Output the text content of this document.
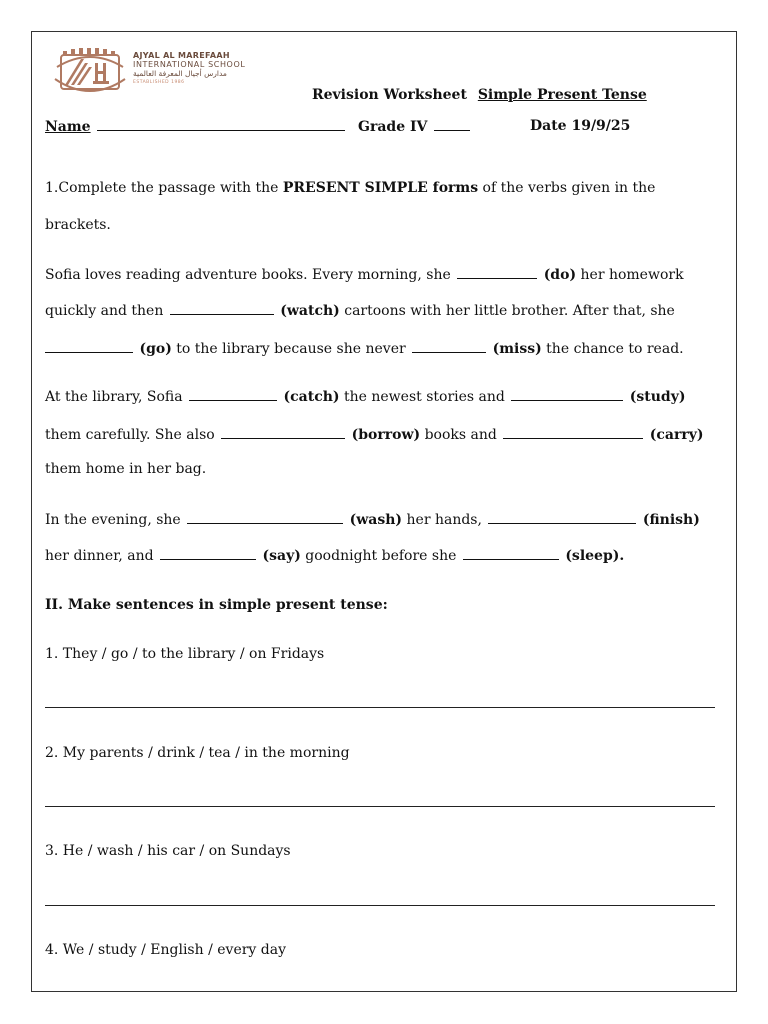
AJYAL AL MAREFAAH
INTERNATIONAL SCHOOL
مدارس أجيال المعرفة العالمية
ESTABLISHED 1986
Revision Worksheet Simple Present Tense
Name	Grade IV	Date 19/9/25
1.Complete the passage with the PRESENT SIMPLE forms of the verbs given in the
brackets.
Sofia loves reading adventure books. Every morning, she	(do) her homework
quickly and then	(watch) cartoons with her little brother. After that, she
(go) to the library because she never	(miss) the chance to read.
At the library, Sofia	(catch) the newest stories and	(study)
them carefully. She also	(borrow) books and	(carry)
them home in her bag.
In the evening, she	(wash) her hands,	(finish)
her dinner, and	(say) goodnight before she	(sleep).
II. Make sentences in simple present tense:
1. They / go / to the library / on Fridays
2. My parents / drink / tea / in the morning
3. He / wash / his car / on Sundays
4. We / study / English / every day
